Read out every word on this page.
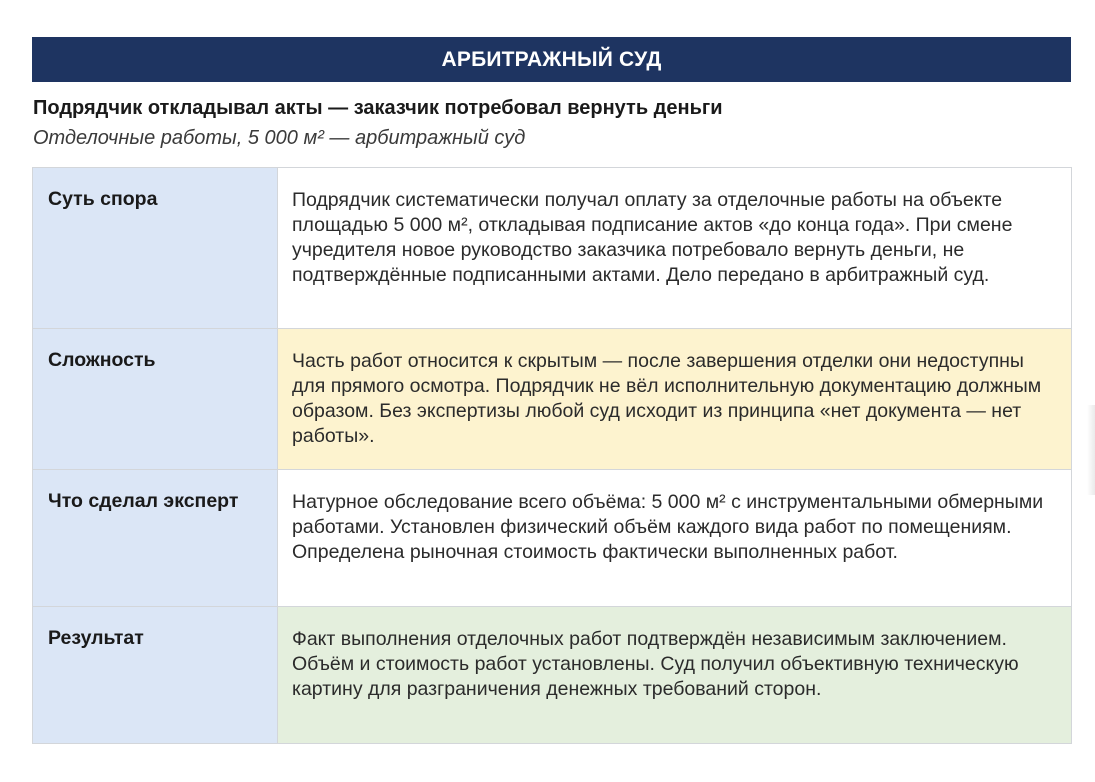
АРБИТРАЖНЫЙ СУД
Подрядчик откладывал акты — заказчик потребовал вернуть деньги
Отделочные работы, 5 000 м² — арбитражный суд
Суть спора	Подрядчик систематически получал оплату за отделочные работы на объекте площадью 5 000 м², откладывая подписание актов «до конца года». При смене учредителя новое руководство заказчика потребовало вернуть деньги, не подтверждённые подписанными актами. Дело передано в арбитражный суд.
Сложность	Часть работ относится к скрытым — после завершения отделки они недоступны для прямого осмотра. Подрядчик не вёл исполнительную документацию должным образом. Без экспертизы любой суд исходит из принципа «нет документа — нет работы».
Что сделал эксперт	Натурное обследование всего объёма: 5 000 м² с инструментальными обмерными работами. Установлен физический объём каждого вида работ по помещениям. Определена рыночная стоимость фактически выполненных работ.
Результат	Факт выполнения отделочных работ подтверждён независимым заключением. Объём и стоимость работ установлены. Суд получил объективную техническую картину для разграничения денежных требований сторон.
